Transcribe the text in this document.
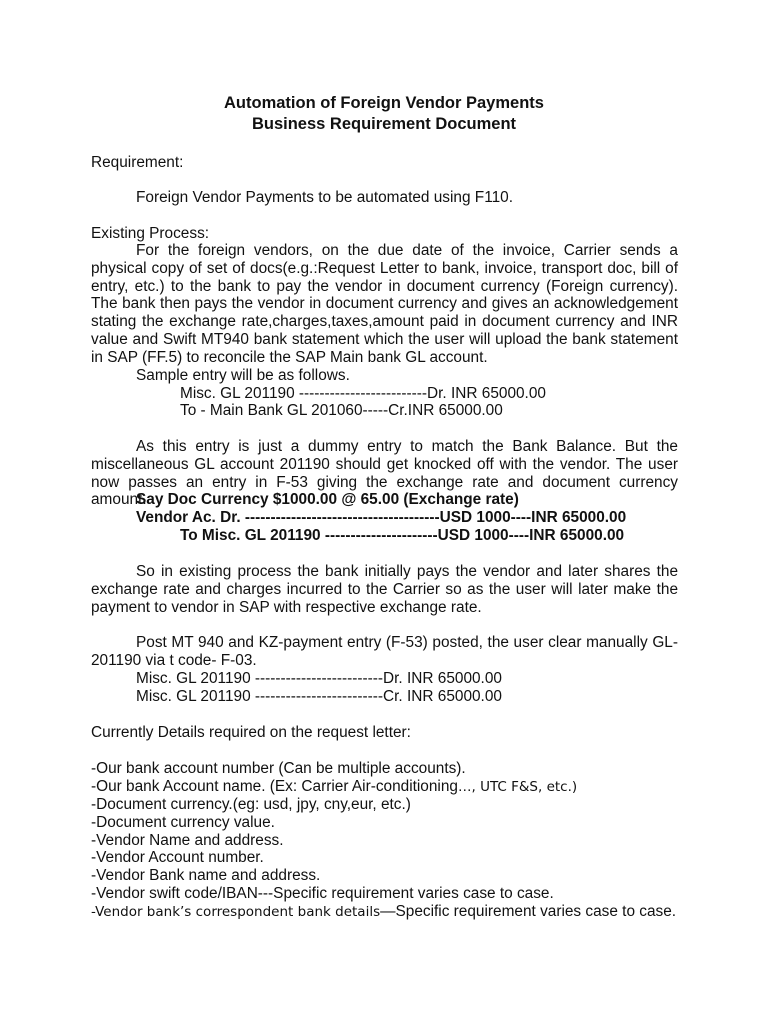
Automation of Foreign Vendor Payments
Business Requirement Document

Requirement:

Foreign Vendor Payments to be automated using F110.

Existing Process:

For the foreign vendors, on the due date of the invoice, Carrier sends a physical copy of set of docs(e.g.:Request Letter to bank, invoice, transport doc, bill of entry, etc.) to the bank to pay the vendor in document currency (Foreign currency). The bank then pays the vendor in document currency and gives an acknowledgement stating the exchange rate,charges,taxes,amount paid in document currency and INR value and Swift MT940 bank statement which the user will upload the bank statement in SAP (FF.5) to reconcile the SAP Main bank GL account.

Sample entry will be as follows.

Misc. GL 201190 -------------------------Dr. INR 65000.00

To - Main Bank GL 201060-----Cr.INR 65000.00

As this entry is just a dummy entry to match the Bank Balance. But the miscellaneous GL account 201190 should get knocked off with the vendor. The user now passes an entry in F-53 giving the exchange rate and document currency amount.

Say Doc Currency $1000.00 @ 65.00 (Exchange rate)

Vendor Ac. Dr. --------------------------------------USD 1000----INR 65000.00

To Misc. GL 201190 ----------------------USD 1000----INR 65000.00

So in existing process the bank initially pays the vendor and later shares the exchange rate and charges incurred to the Carrier so as the user will later make the payment to vendor in SAP with respective exchange rate.

Post MT 940 and KZ-payment entry (F-53) posted, the user clear manually GL-201190 via t code- F-03.

Misc. GL 201190 -------------------------Dr. INR 65000.00

Misc. GL 201190 -------------------------Cr. INR 65000.00

Currently Details required on the request letter:

-Our bank account number (Can be multiple accounts).

-Our bank Account name. (Ex: Carrier Air-conditioning…, UTC F&S, etc.)

-Document currency.(eg: usd, jpy, cny,eur, etc.)

-Document currency value.

-Vendor Name and address.

-Vendor Account number.

-Vendor Bank name and address.

-Vendor swift code/IBAN---Specific requirement varies case to case.

-Vendor bank’s correspondent bank details—Specific requirement varies case to case.
